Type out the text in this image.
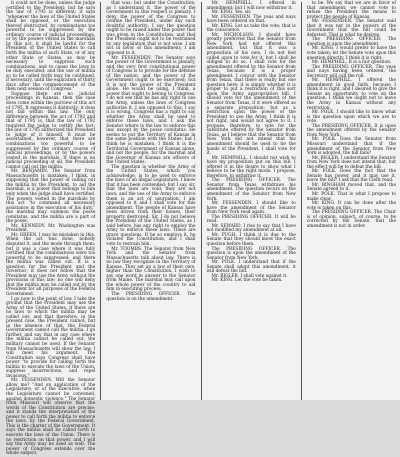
it could not be done, unless the judge certified to the President; but he says the law of 1795 is different; it says "whenever the laws of the United States shall be opposed, or the execution thereof obstructed, by combinations too powerful to be suppressed by the ordinary course of judicial proceedings, or by the powers vested in the marshals by this act, it shall be lawful for the President of the United States to call forth the militia of such State, or of any other State or States, as may be necessary to suppress such combinations, and to cause the laws to be duly executed; and the use of militia so to be called forth may be continued, if necessary, until the expiration of thirty days after the commencement of the then next session of Congress."

Suppose there are no judicial proceedings in Kansas, then the case does come within the purview of this act of 1795. It expresses it distinctly; it does not fall within this law. The only difference between the act of 1792 and that of 1795 is, that the law of 1792 required the judge to certify the fact; the law of 1795 authorized the President to judge of it himself. It must be ascertained, however, that there are combinations too powerful to be suppressed by the ordinary course of judicial proceedings, or by the powers vested in the marshals. If there is no judicial proceeding at all, the President cannot call out the militia.

Mr. BENJAMIN. The Senator from Massachusetts is mistaken, I think, in supposing that the power of calling out the militia by the President, to aid the marshal, is a power that belongs to him only when the judge shall have certified. The powers vested in the marshals by this act "to command all necessary assistance in the execution of his duty," the marshal may summon the posse comitatus, and the militia are a part of the posse.

Mr. KENNEDY. Mr. Washington was President.

Mr. GREEN. I may be mistaken in this. When the act was done, nobody disputed it, and the mode through them; but it was a case where it was fully certified that the combinations were too powerful to be suppressed; and there the militia was called out. It is a question for the President and the Governor; it does not follow that the President may use the Army without the provisions of this law; no one will deny that the militia may be called out by the President for all purposes of the Federal Government.

I go now to the point of law. I take the ground that the President may use the Army of the United States, if there are no laws to which the militia may be called out; and that therefore, in the present case, the President cannot; but in the absence of that, the Federal Government cannot call the militia. I go further, and say that in any case where the militia cannot be called out, the military cannot be used. If the Senator from Massachusetts will show the law, I will meet his argument. The Constitution says Congress shall have power "to provide for calling forth the militia to execute the laws of the Union, suppress insurrections, and repel invasions."

Mr. FESSENDEN. Will the Senator allow me? "And on application of the Legislature, or of the Executive, when the Legislature cannot be convened, against domestic violence." The Senator from Missouri will observe that the words of the Constitution are precise; and it stands the interpretation of the power to call forth the militia to enforce the laws, by the Federal Government. This is the charter of the Government. It says the militia shall be called forth to execute the laws of the Union. There is no restriction on that power, and I will say the Army may be used as well. The power of Congress extends over the whole subject.

that was; but under the Constitution, as I understand it, the power of the Government in this respect is plenary. I deny the power of the Congress to confine the President, under any such doubtful authority; I say the question ought to be raised under this power that was given in the Constitution, and that the President ought not to be restrained by any legislation that is not wise. I am not in favor of this amendment; I am opposed to it.

Mr. FESSENDEN. The Senator says the power of the Government is plenary, and the very first constitutional power of Congress is to provide for the defense of the nation, and the power of the Government ought to be exercised; but it is not the power of the President alone. He would be using, I think, a power that ought to belong to Congress. I do not see that he has any right to use the Army, unless the laws of Congress authorize it. I am opposed to this; I say it is wrong. Congress has a right to say whether the Army shall be used to enforce these laws, and I ask the Senator where is the law to enforce this law, except by the posse comitatus. He seems to put the Territory of Kansas in the same position with the States; but I think he is mistaken. I think it is the Territorial Government of Kansas alone, and not the people, for the marshal and the Governor of Kansas are officers of the United States.

The question is whether the Army of the United States, which you acknowledge, is to be used to enforce the laws of an illegal Legislature. I know that it has been contended; but I say, sir, that the laws are void; they are not laws; and the use of the Army to enforce them is an act of usurpation. I am opposed to it and I shall vote for this amendment. The people of Kansas have been driven from their homes, their property destroyed. Sir, I do not believe the President of the United States, as I said before, has any right to employ the Army to enforce these laws. These are grave questions. If he so employs it, he violates the Constitution, and I shall vote to restrain him.

Mr. TOOMBS. The Senator from New York and the Senator from Massachusetts talk about law. There is no law they recognize in the Territory of Kansas. They set up a law of their own, higher than the Constitution. I wish to say one word in answer to the Senator from Maine. The marshal may call upon the whole power of the country to aid him in executing process.

The PRESIDING OFFICER. The question is on the amendment.

Mr. HEMPHILL. I offered in amendment; but I will now withdraw it.

Mr. KING. Yes, sir.

Mr. FESSENDEN. The yeas and nays have been ordered on that.

Mr. KING. Let us take the vote; that is the conscience.

Mr. NICHOLSON. I should have greatly preferred that the Senator from New York had not offered this amendment, but that it was a proposition of his own. I do not feel called upon to vote for it, but I shall be obliged to do so. I shall vote for the amendment offered by the Senator from Texas, because it is a proper amendment. I concur with the Senator from Texas, that there is really but one question here; it is simply whether it is proper to put a restriction of this sort upon the Army appropriation bill. I should vote for the amendment of the Senator from Texas, if it were offered as a separate proposition; but as a restriction upon the power of the President to use the Army, I think it is not right, and would not agree to it. I propose, therefore, to vote for the substitute offered by the Senator from Texas, as I believe that the Senator from New York did not intend that his amendment should be used to tie the hands of the President. I shall vote for it.

Mr. HEMPHILL. I should not wish to have my proposition put on this bill. I offered it in the desire to show what I believe to be the right mode. I propose, therefore, to withdraw it.

The PRESIDING OFFICER. The Senator from Texas withdraws his amendment. The question recurs on the amendment of the Senator from New York.

Mr. FESSENDEN. I should like to have the amendment of the Senator from New York read again.

The PRESIDING OFFICER. It will be read.

Mr. SEWARD. I rise to say that I have not modified my amendment at all.

Mr. PUGH. I think it is due to the Senate that they should know the exact question before them.

The PRESIDING OFFICER. The question is upon the amendment of the Senator from New York.

Mr. POLK. I understand that if the Senate shall adopt this amendment, it will defeat the bill.

Mr. BIGLER. I shall vote against it.

Mr. KING. Let the vote be taken.

to be. We say that we are in favor of that amendment; we cannot vote to refuse the President the means to protect the people of Kansas.

Mr. FESSENDEN. The Senator said that it was not in the powers of the Government that the bill could be defeated. That is what he desires.

The PRESIDING OFFICER. The question is upon the amendment.

Mr. KING. I would prefer to have the vote taken; let the Senate vote upon this question directly. I think it is right.

Mr. HEMPHILL. It is a fair question.

The PRESIDING OFFICER. The yeas and nays having been ordered, the Secretary will call the roll.

Mr. HEMPHILL. I offered the amendment in good faith, because I think it is right, and I desired to give the Senate an opportunity to vote on the question. I think we ought not to leave the Army in Kansas without any restriction.

Mr. POLK. I should like to know what is the question upon which we are to vote.

The PRESIDING OFFICER. It is upon the amendment offered by the Senator from New York.

Mr. POLK. Does the Senator from Missouri understand that if the amendment of the Senator from New York is adopted, the bill fails?

Mr. BIGLER. I understand the Senator from New York does not intend that; but the effect will be to defeat the bill.

Mr. POLK. Does the fact that the Senate has power, and it may use it, leave the bill? I ask that the Clerk read.

Mr. BINGHAM moved that, and the Senate agreed to it.

Mr. POLK. That is what I propose to make clear.

Mr. KING. It can be done after the vote is taken on this.

The PRESIDING OFFICER. The Chair is of opinion, subject, of course, to be corrected by the Senate, that the amendment is not in order.
